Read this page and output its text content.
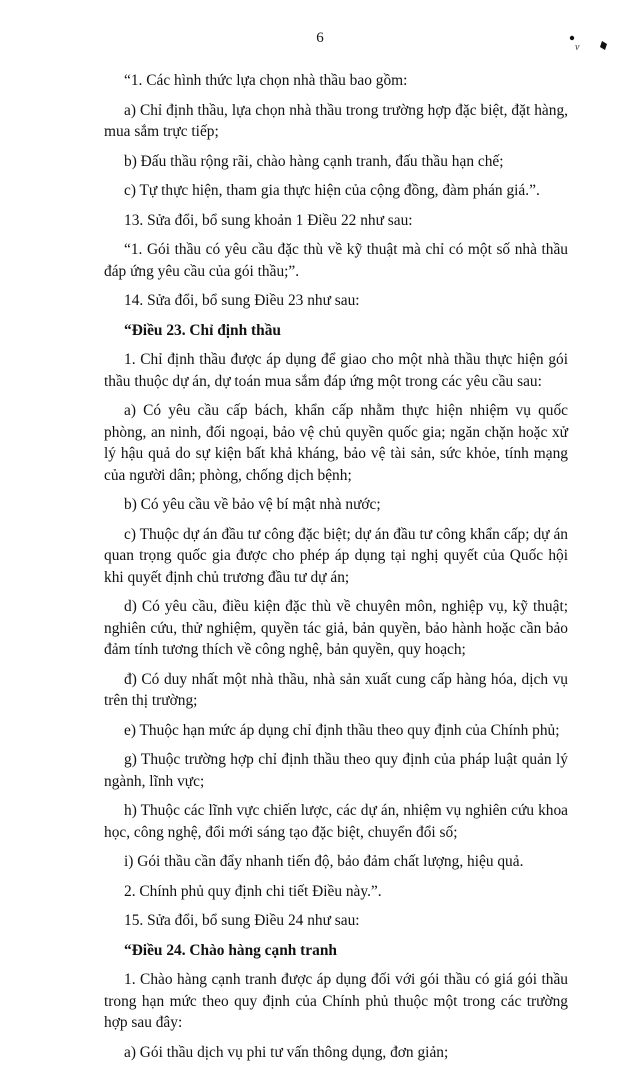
6
v

“1. Các hình thức lựa chọn nhà thầu bao gồm:

a) Chỉ định thầu, lựa chọn nhà thầu trong trường hợp đặc biệt, đặt hàng, mua sắm trực tiếp;

b) Đấu thầu rộng rãi, chào hàng cạnh tranh, đấu thầu hạn chế;

c) Tự thực hiện, tham gia thực hiện của cộng đồng, đàm phán giá.”.

13. Sửa đổi, bổ sung khoản 1 Điều 22 như sau:

“1. Gói thầu có yêu cầu đặc thù về kỹ thuật mà chỉ có một số nhà thầu đáp ứng yêu cầu của gói thầu;”.

14. Sửa đổi, bổ sung Điều 23 như sau:

“Điều 23. Chỉ định thầu

1. Chỉ định thầu được áp dụng để giao cho một nhà thầu thực hiện gói thầu thuộc dự án, dự toán mua sắm đáp ứng một trong các yêu cầu sau:

a) Có yêu cầu cấp bách, khẩn cấp nhằm thực hiện nhiệm vụ quốc phòng, an ninh, đối ngoại, bảo vệ chủ quyền quốc gia; ngăn chặn hoặc xử lý hậu quả do sự kiện bất khả kháng, bảo vệ tài sản, sức khỏe, tính mạng của người dân; phòng, chống dịch bệnh;

b) Có yêu cầu về bảo vệ bí mật nhà nước;

c) Thuộc dự án đầu tư công đặc biệt; dự án đầu tư công khẩn cấp; dự án quan trọng quốc gia được cho phép áp dụng tại nghị quyết của Quốc hội khi quyết định chủ trương đầu tư dự án;

d) Có yêu cầu, điều kiện đặc thù về chuyên môn, nghiệp vụ, kỹ thuật; nghiên cứu, thử nghiệm, quyền tác giả, bản quyền, bảo hành hoặc cần bảo đảm tính tương thích về công nghệ, bản quyền, quy hoạch;

đ) Có duy nhất một nhà thầu, nhà sản xuất cung cấp hàng hóa, dịch vụ trên thị trường;

e) Thuộc hạn mức áp dụng chỉ định thầu theo quy định của Chính phủ;

g) Thuộc trường hợp chỉ định thầu theo quy định của pháp luật quản lý ngành, lĩnh vực;

h) Thuộc các lĩnh vực chiến lược, các dự án, nhiệm vụ nghiên cứu khoa học, công nghệ, đổi mới sáng tạo đặc biệt, chuyển đổi số;

i) Gói thầu cần đẩy nhanh tiến độ, bảo đảm chất lượng, hiệu quả.

2. Chính phủ quy định chi tiết Điều này.”.

15. Sửa đổi, bổ sung Điều 24 như sau:

“Điều 24. Chào hàng cạnh tranh

1. Chào hàng cạnh tranh được áp dụng đối với gói thầu có giá gói thầu trong hạn mức theo quy định của Chính phủ thuộc một trong các trường hợp sau đây:

a) Gói thầu dịch vụ phi tư vấn thông dụng, đơn giản;
